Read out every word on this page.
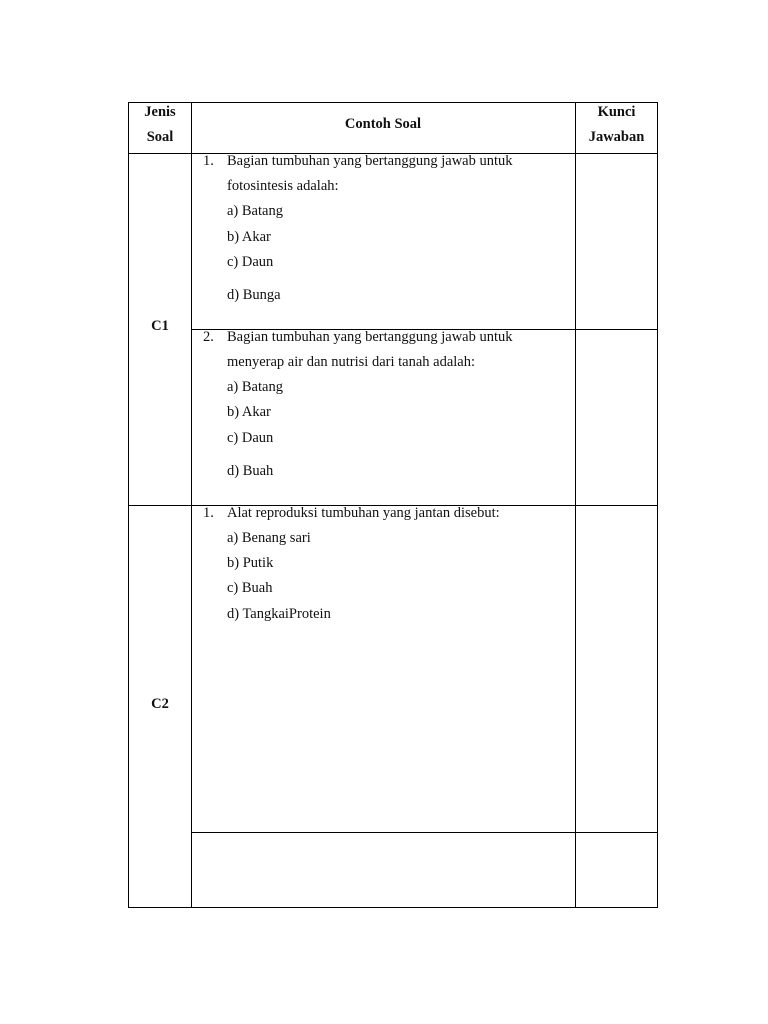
Jenis
Soal
Contoh Soal
Kunci
Jawaban
C1
1. Bagian tumbuhan yang bertanggung jawab untuk
fotosintesis adalah:
a) Batang
b) Akar
c) Daun
d) Bunga
2. Bagian tumbuhan yang bertanggung jawab untuk
menyerap air dan nutrisi dari tanah adalah:
a) Batang
b) Akar
c) Daun
d) Buah
C2
1. Alat reproduksi tumbuhan yang jantan disebut:
a) Benang sari
b) Putik
c) Buah
d) TangkaiProtein
